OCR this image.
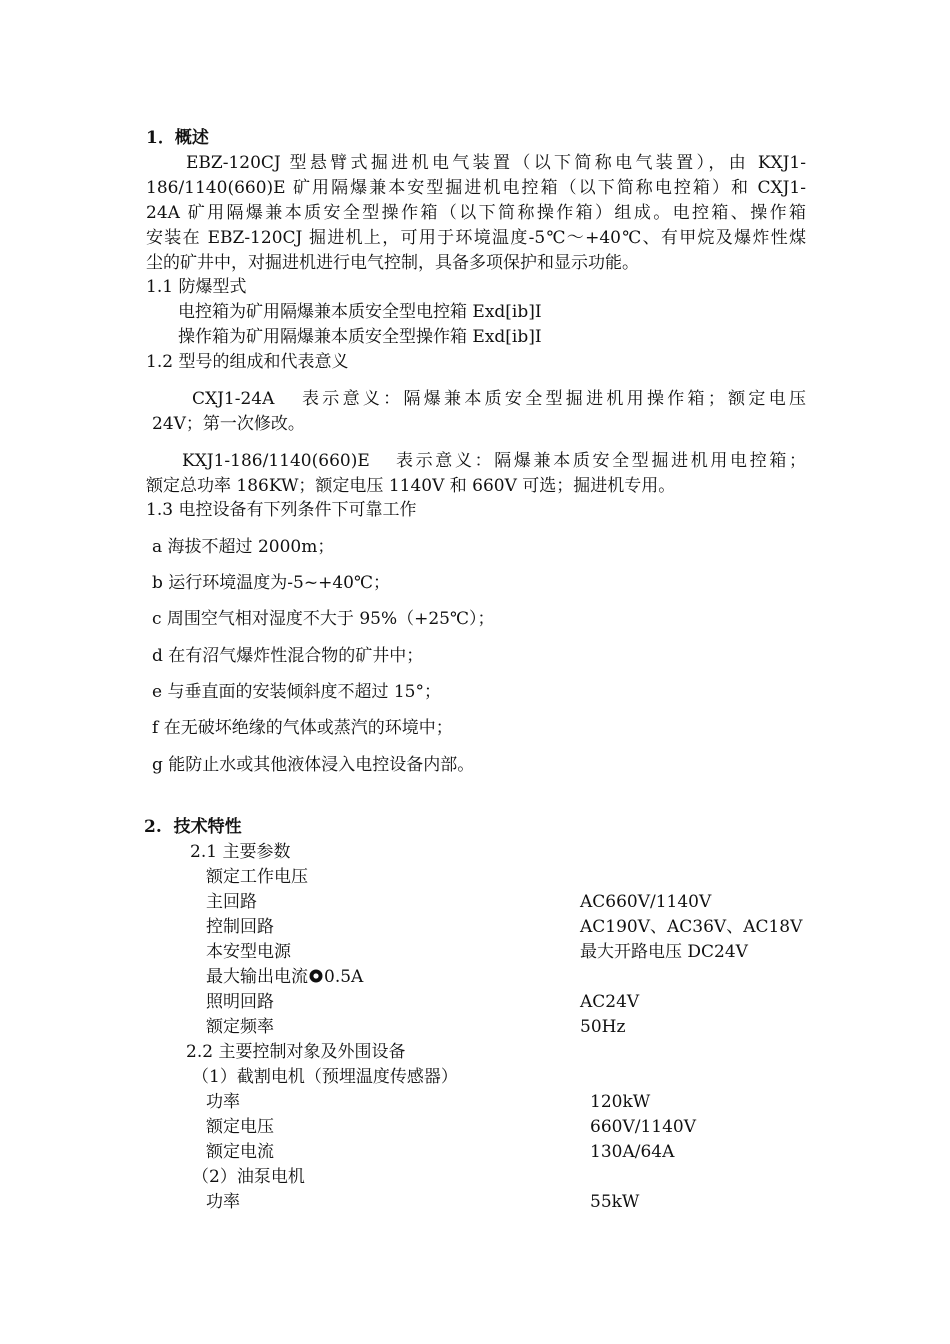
1．概述
EBZ-120CJ 型悬臂式掘进机电气装置（以下简称电气装置），由 KXJ1-
186/1140(660)E 矿用隔爆兼本安型掘进机电控箱（以下简称电控箱）和 CXJ1-
24A 矿用隔爆兼本质安全型操作箱（以下简称操作箱）组成。电控箱、操作箱
安装在 EBZ-120CJ 掘进机上，可用于环境温度-5℃～+40℃、有甲烷及爆炸性煤
尘的矿井中，对掘进机进行电气控制，具备多项保护和显示功能。
1.1 防爆型式
电控箱为矿用隔爆兼本质安全型电控箱 Exd[ib]I
操作箱为矿用隔爆兼本质安全型操作箱 Exd[ib]I
1.2 型号的组成和代表意义
CXJ1-24A 表示意义：隔爆兼本质安全型掘进机用操作箱；额定电压
24V；第一次修改。
KXJ1-186/1140(660)E 表示意义：隔爆兼本质安全型掘进机用电控箱；
额定总功率 186KW；额定电压 1140V 和 660V 可选；掘进机专用。
1.3 电控设备有下列条件下可靠工作
a 海拔不超过 2000m；
b 运行环境温度为-5~+40℃；
c 周围空气相对湿度不大于 95%（+25℃）；
d 在有沼气爆炸性混合物的矿井中；
e 与垂直面的安装倾斜度不超过 15°；
f 在无破坏绝缘的气体或蒸汽的环境中；
g 能防止水或其他液体浸入电控设备内部。
2.  技术特性
2.1 主要参数
额定工作电压
主回路	AC660V/1140V
控制回路	AC190V、AC36V、AC18V
本安型电源	最大开路电压 DC24V
最大输出电流 0.5A
照明回路	AC24V
额定频率	50Hz
2.2 主要控制对象及外围设备
（1）截割电机（预埋温度传感器）
功率	120kW
额定电压	660V/1140V
额定电流	130A/64A
（2）油泵电机
功率	55kW
